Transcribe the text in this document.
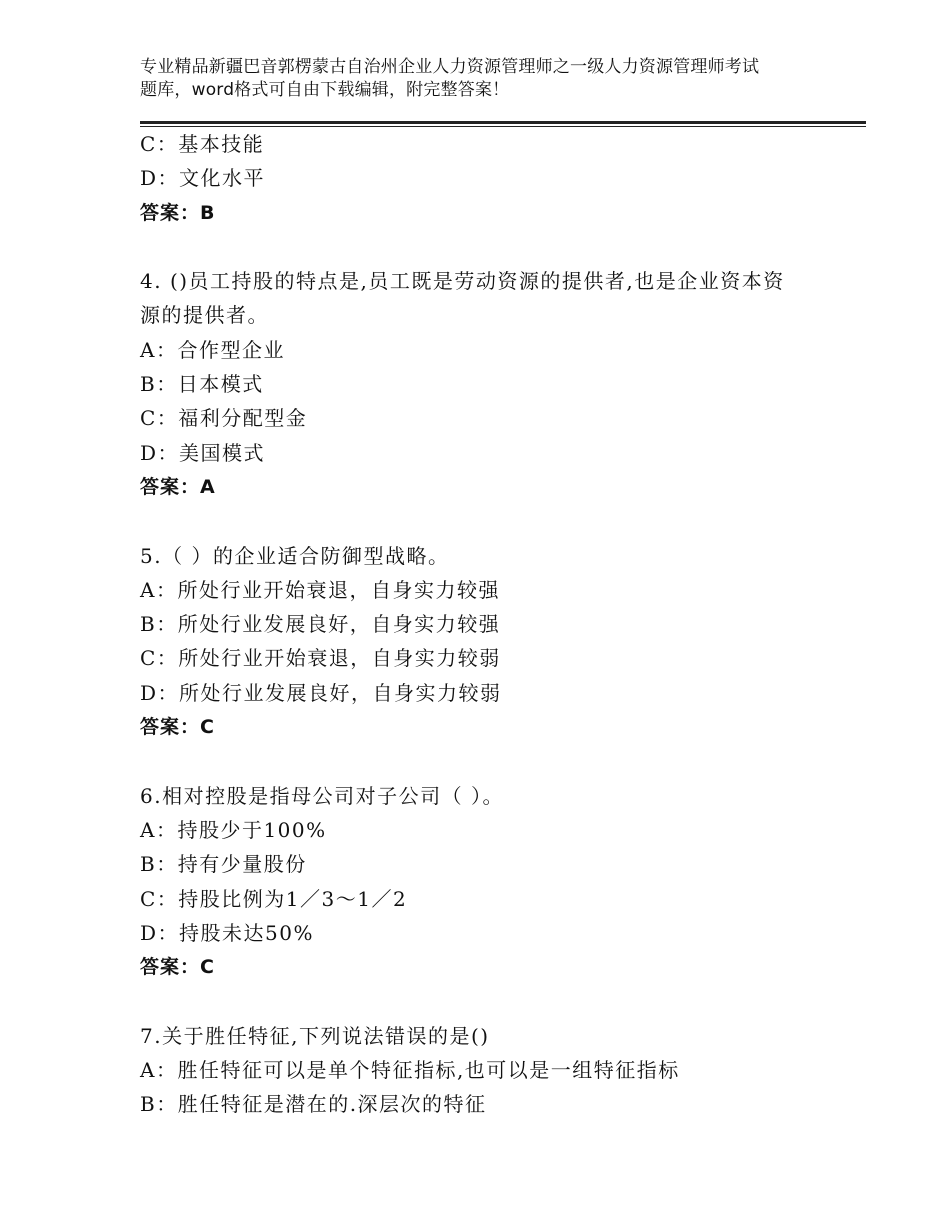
专业精品新疆巴音郭楞蒙古自治州企业人力资源管理师之一级人力资源管理师考试
题库，word格式可自由下载编辑，附完整答案！
C：基本技能
D：文化水平
答案：B
4. ()员工持股的特点是,员工既是劳动资源的提供者,也是企业资本资
源的提供者。
A：合作型企业
B：日本模式
C：福利分配型金
D：美国模式
答案：A
5.（ ）的企业适合防御型战略。
A：所处行业开始衰退，自身实力较强
B：所处行业发展良好，自身实力较强
C：所处行业开始衰退，自身实力较弱
D：所处行业发展良好，自身实力较弱
答案：C
6.相对控股是指母公司对子公司（ ）。
A：持股少于100%
B：持有少量股份
C：持股比例为1／3～1／2
D：持股未达50%
答案：C
7.关于胜任特征,下列说法错误的是()
A：胜任特征可以是单个特征指标,也可以是一组特征指标
B：胜任特征是潜在的.深层次的特征
